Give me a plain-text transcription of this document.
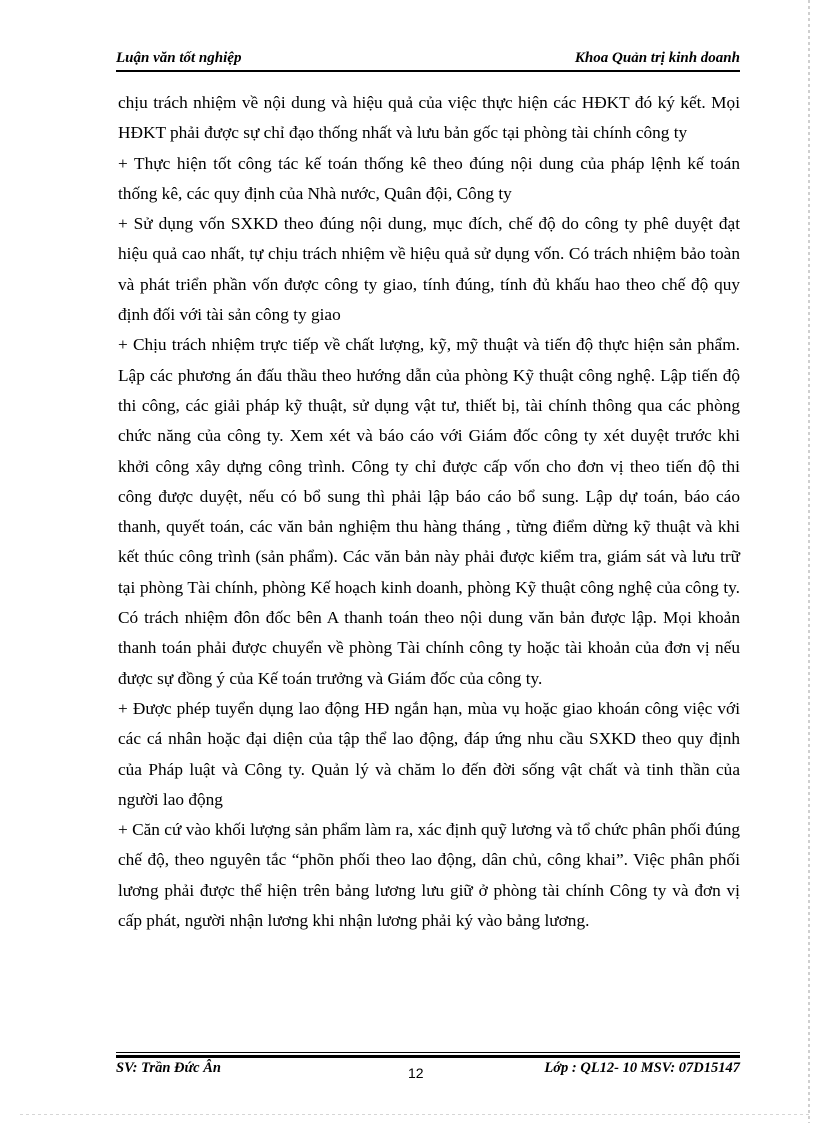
Luận văn tốt nghiệp	Khoa Quản trị kinh doanh

chịu trách nhiệm về nội dung và hiệu quả của việc thực hiện các HĐKT đó ký kết. Mọi HĐKT phải được sự chỉ đạo thống nhất và lưu bản gốc tại phòng tài chính công ty

+ Thực hiện tốt công tác kế toán thống kê theo đúng nội dung của pháp lệnh kế toán thống kê, các quy định của Nhà nước, Quân đội, Công ty

+ Sử dụng vốn SXKD theo đúng nội dung, mục đích, chế độ do công ty phê duyệt đạt hiệu quả cao nhất, tự chịu trách nhiệm về hiệu quả sử dụng vốn. Có trách nhiệm bảo toàn và phát triển phần vốn được công ty giao, tính đúng, tính đủ khấu hao theo chế độ quy định đối với tài sản công ty giao

+ Chịu trách nhiệm trực tiếp về chất lượng, kỹ, mỹ thuật và tiến độ thực hiện sản phẩm. Lập các phương án đấu thầu theo hướng dẫn của phòng Kỹ thuật công nghệ. Lập tiến độ thi công, các giải pháp kỹ thuật, sử dụng vật tư, thiết bị, tài chính thông qua các phòng chức năng của công ty. Xem xét và báo cáo với Giám đốc công ty xét duyệt trước khi khởi công xây dựng công trình. Công ty chỉ được cấp vốn cho đơn vị theo tiến độ thi công được duyệt, nếu có bổ sung thì phải lập báo cáo bổ sung. Lập dự toán, báo cáo thanh, quyết toán, các văn bản nghiệm thu hàng tháng , từng điểm dừng kỹ thuật và khi kết thúc công trình (sản phẩm). Các văn bản này phải được kiểm tra, giám sát và lưu trữ tại phòng Tài chính, phòng Kế hoạch kinh doanh, phòng Kỹ thuật công nghệ của công ty. Có trách nhiệm đôn đốc bên A thanh toán theo nội dung văn bản được lập. Mọi khoản thanh toán phải được chuyển về phòng Tài chính công ty hoặc tài khoản của đơn vị nếu được sự đồng ý của Kế toán trưởng và Giám đốc của công ty.

+ Được phép tuyển dụng lao động HĐ ngắn hạn, mùa vụ hoặc giao khoán công việc với các cá nhân hoặc đại diện của tập thể lao động, đáp ứng nhu cầu SXKD theo quy định của Pháp luật và Công ty. Quản lý và chăm lo đến đời sống vật chất và tinh thần của người lao động

+ Căn cứ vào khối lượng sản phẩm làm ra, xác định quỹ lương và tổ chức phân phối đúng chế độ, theo nguyên tắc “phõn phối theo lao động, dân chủ, công khai”. Việc phân phối lương phải được thể hiện trên bảng lương lưu giữ ở phòng tài chính Công ty và đơn vị cấp phát, người nhận lương khi nhận lương phải ký vào bảng lương.

SV: Trần Đức Ân	12	Lớp : QL12- 10 MSV: 07D15147
